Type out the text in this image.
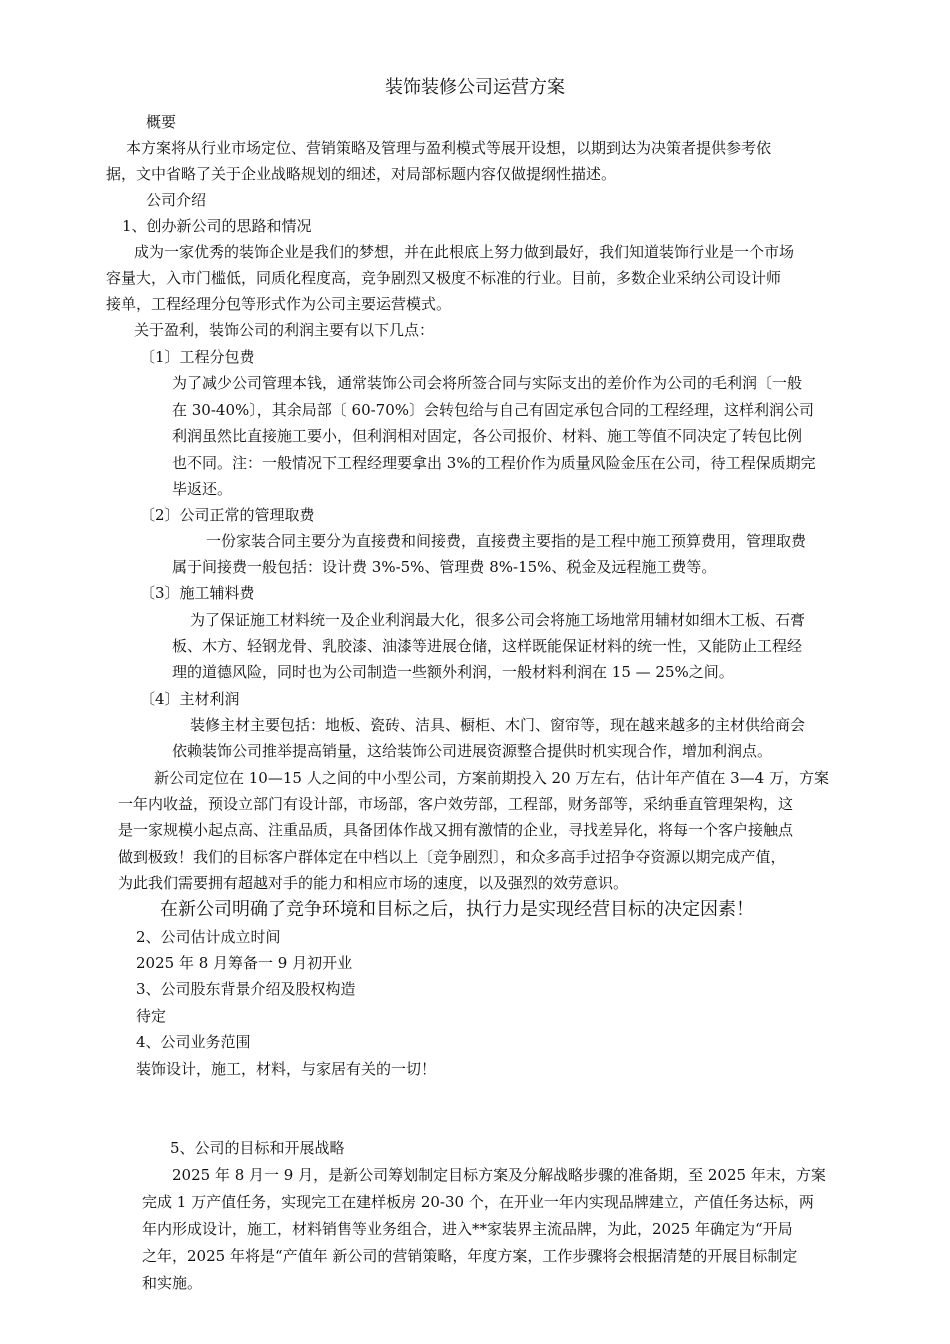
装饰装修公司运营方案
概要
本方案将从行业市场定位、营销策略及管理与盈利模式等展开设想，以期到达为决策者提供参考依
据，文中省略了关于企业战略规划的细述，对局部标题内容仅做提纲性描述。
公司介绍
1、创办新公司的思路和情况
成为一家优秀的装饰企业是我们的梦想，并在此根底上努力做到最好，我们知道装饰行业是一个市场
容量大，入市门槛低，同质化程度高，竞争剧烈又极度不标准的行业。目前，多数企业采纳公司设计师
接单，工程经理分包等形式作为公司主要运营模式。
关于盈利，装饰公司的利润主要有以下几点：
〔1〕工程分包费
为了减少公司管理本钱，通常装饰公司会将所签合同与实际支出的差价作为公司的毛利润〔一般
在 30-40%〕，其余局部〔 60-70%〕会转包给与自己有固定承包合同的工程经理，这样利润公司
利润虽然比直接施工要小，但利润相对固定，各公司报价、材料、施工等值不同决定了转包比例
也不同。注：一般情况下工程经理要拿出 3%的工程价作为质量风险金压在公司，待工程保质期完
毕返还。
〔2〕公司正常的管理取费
一份家装合同主要分为直接费和间接费，直接费主要指的是工程中施工预算费用，管理取费
属于间接费一般包括：设计费 3%-5%、管理费 8%-15%、税金及远程施工费等。
〔3〕施工辅料费
为了保证施工材料统一及企业利润最大化，很多公司会将施工场地常用辅材如细木工板、石膏
板、木方、轻钢龙骨、乳胶漆、油漆等进展仓储，这样既能保证材料的统一性，又能防止工程经
理的道德风险，同时也为公司制造一些额外利润，一般材料利润在 15 — 25%之间。
〔4〕主材利润
装修主材主要包括：地板、瓷砖、洁具、橱柜、木门、窗帘等，现在越来越多的主材供给商会
依赖装饰公司推举提高销量，这给装饰公司进展资源整合提供时机实现合作，增加利润点。
新公司定位在 10—15 人之间的中小型公司，方案前期投入 20 万左右，估计年产值在 3—4 万，方案
一年内收益，预设立部门有设计部，市场部，客户效劳部，工程部，财务部等，采纳垂直管理架构，这
是一家规模小起点高、注重品质，具备团体作战又拥有激情的企业，寻找差异化，将每一个客户接触点
做到极致！我们的目标客户群体定在中档以上〔竞争剧烈〕，和众多高手过招争夺资源以期完成产值，
为此我们需要拥有超越对手的能力和相应市场的速度，以及强烈的效劳意识。
在新公司明确了竞争环境和目标之后，执行力是实现经营目标的决定因素！
2、公司估计成立时间
2025 年 8 月筹备一 9 月初开业
3、公司股东背景介绍及股权构造
待定
4、公司业务范围
装饰设计，施工，材料，与家居有关的一切！
5、公司的目标和开展战略
2025 年 8 月一 9 月，是新公司筹划制定目标方案及分解战略步骤的准备期，至 2025 年末，方案
完成 1 万产值任务，实现完工在建样板房 20-30 个，在开业一年内实现品牌建立，产值任务达标，两
年内形成设计，施工，材料销售等业务组合，进入**家装界主流品牌，为此，2025 年确定为“开局
之年，2025 年将是“产值年 新公司的营销策略，年度方案，工作步骤将会根据清楚的开展目标制定
和实施。
